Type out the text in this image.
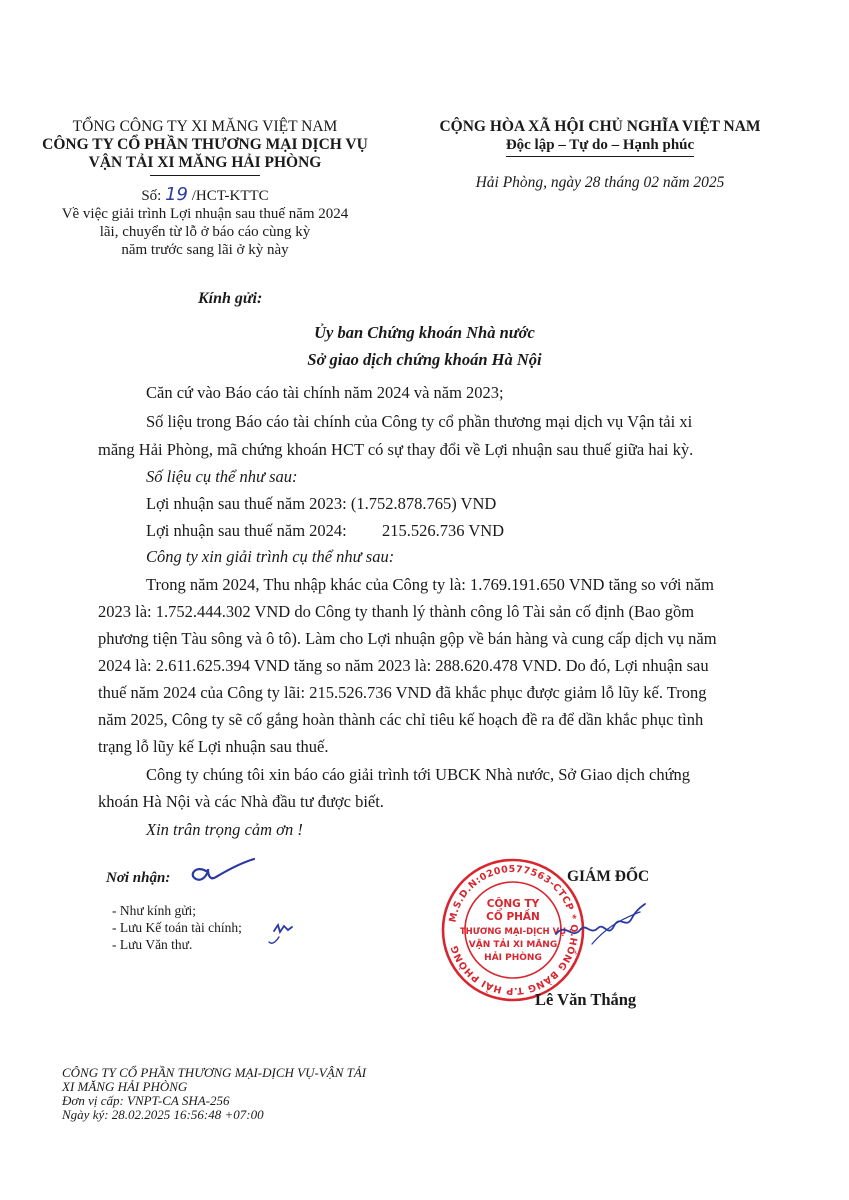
TỔNG CÔNG TY XI MĂNG VIỆT NAM
CÔNG TY CỔ PHẦN THƯƠNG MẠI DỊCH VỤ
VẬN TẢI XI MĂNG HẢI PHÒNG
CỘNG HÒA XÃ HỘI CHỦ NGHĨA VIỆT NAM
Độc lập – Tự do – Hạnh phúc
Hải Phòng, ngày 28 tháng 02 năm 2025
Số: 19 /HCT-KTTC
Về việc giải trình Lợi nhuận sau thuế năm 2024
lãi, chuyển từ lỗ ở báo cáo cùng kỳ
năm trước sang lãi ở kỳ này
Kính gửi:
Ủy ban Chứng khoán Nhà nước
Sở giao dịch chứng khoán Hà Nội
Căn cứ vào Báo cáo tài chính năm 2024 và năm 2023;
Số liệu trong Báo cáo tài chính của Công ty cổ phần thương mại dịch vụ Vận tải xi
măng Hải Phòng, mã chứng khoán HCT có sự thay đổi về Lợi nhuận sau thuế giữa hai kỳ.
Số liệu cụ thể như sau:
Lợi nhuận sau thuế năm 2023: (1.752.878.765) VND
Lợi nhuận sau thuế năm 2024: 215.526.736 VND
Công ty xin giải trình cụ thể như sau:
Trong năm 2024, Thu nhập khác của Công ty là: 1.769.191.650 VND tăng so với năm
2023 là: 1.752.444.302 VND do Công ty thanh lý thành công lô Tài sản cố định (Bao gồm
phương tiện Tàu sông và ô tô). Làm cho Lợi nhuận gộp về bán hàng và cung cấp dịch vụ năm
2024 là: 2.611.625.394 VND tăng so năm 2023 là: 288.620.478 VND. Do đó, Lợi nhuận sau
thuế năm 2024 của Công ty lãi: 215.526.736 VND đã khắc phục được giảm lỗ lũy kế. Trong
năm 2025, Công ty sẽ cố gắng hoàn thành các chỉ tiêu kế hoạch đề ra để dần khắc phục tình
trạng lỗ lũy kế Lợi nhuận sau thuế.
Công ty chúng tôi xin báo cáo giải trình tới UBCK Nhà nước, Sở Giao dịch chứng
khoán Hà Nội và các Nhà đầu tư được biết.
Xin trân trọng cảm ơn !
Nơi nhận:
- Như kính gửi;
- Lưu Kế toán tài chính;
- Lưu Văn thư.
GIÁM ĐỐC
M.S.D.N:0200577563-CTCP * Q.HỒNG BÀNG T.P HẢI PHÒNG
CÔNG TY
CỔ PHẦN
THƯƠNG MẠI-DỊCH VỤ
VẬN TẢI XI MĂNG
HẢI PHÒNG
Lê Văn Thắng
CÔNG TY CỔ PHẦN THƯƠNG MẠI-DỊCH VỤ-VẬN TẢI
XI MĂNG HẢI PHÒNG
Đơn vị cấp: VNPT-CA SHA-256
Ngày ký: 28.02.2025 16:56:48 +07:00
